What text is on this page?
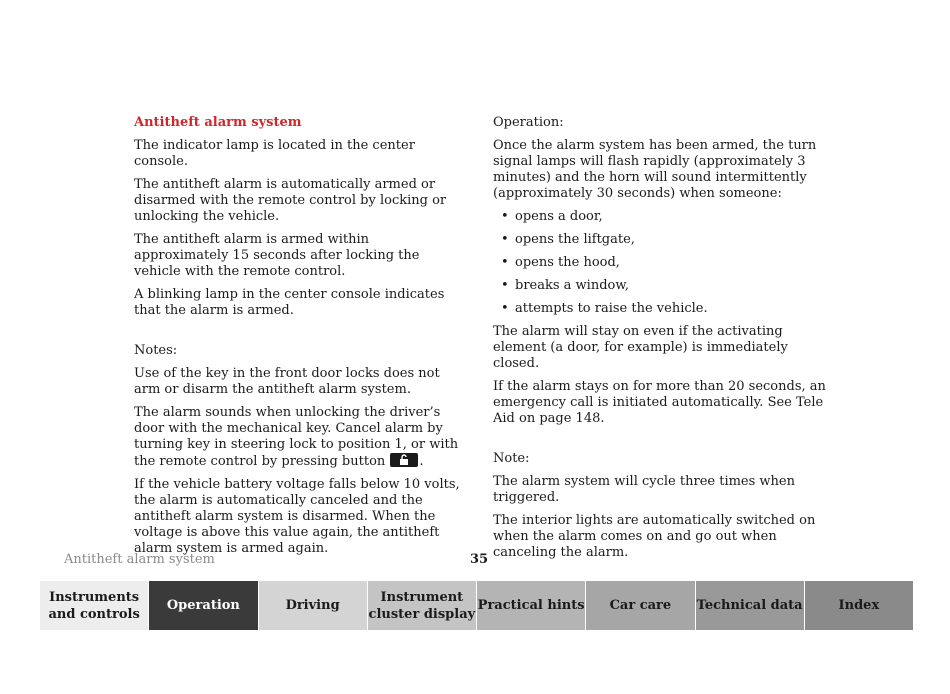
Antitheft alarm system

The indicator lamp is located in the center console.

The antitheft alarm is automatically armed or disarmed with the remote control by locking or unlocking the vehicle.

The antitheft alarm is armed within approximately 15 seconds after locking the vehicle with the remote control.

A blinking lamp in the center console indicates that the alarm is armed.

Notes:

Use of the key in the front door locks does not arm or disarm the antitheft alarm system.

The alarm sounds when unlocking the driver’s door with the mechanical key. Cancel alarm by turning key in steering lock to position 1, or with the remote control by pressing button	.

If the vehicle battery voltage falls below 10 volts, the alarm is automatically canceled and the antitheft alarm system is disarmed. When the voltage is above this value again, the antitheft alarm system is armed again.

Operation:

Once the alarm system has been armed, the turn signal lamps will flash rapidly (approximately 3 minutes) and the horn will sound intermittently (approximately 30 seconds) when someone:

• opens a door,
• opens the liftgate,
• opens the hood,
• breaks a window,
• attempts to raise the vehicle.

The alarm will stay on even if the activating element (a door, for example) is immediately closed.

If the alarm stays on for more than 20 seconds, an emergency call is initiated automatically. See Tele Aid on page 148.

Note:

The alarm system will cycle three times when triggered.

The interior lights are automatically switched on when the alarm comes on and go out when canceling the alarm.

Antitheft alarm system	35
Instruments and controls
Operation	Driving
Instrument cluster display
Practical hints	Car care	Technical data	Index
